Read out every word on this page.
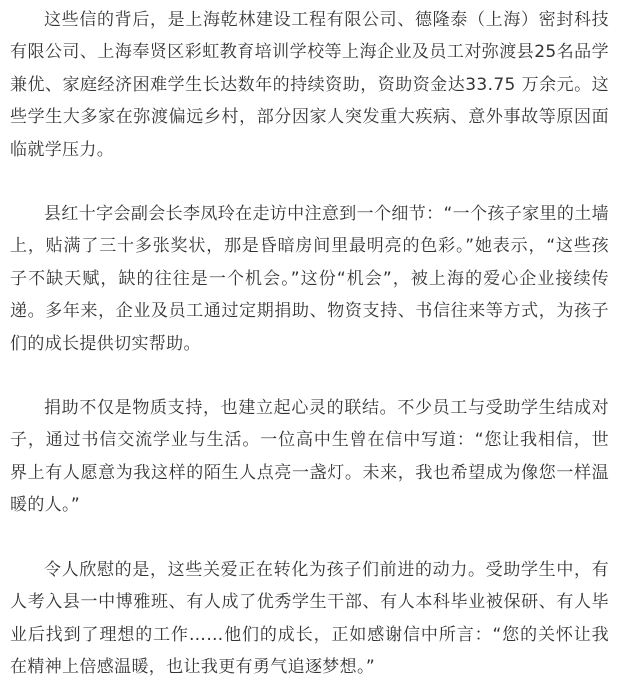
这些信的背后，是上海乾林建设工程有限公司、德隆泰（上海）密封科技有限公司、上海奉贤区彩虹教育培训学校等上海企业及员工对弥渡县25名品学兼优、家庭经济困难学生长达数年的持续资助，资助资金达33.75 万余元。这些学生大多家在弥渡偏远乡村，部分因家人突发重大疾病、意外事故等原因面临就学压力。

县红十字会副会长李凤玲在走访中注意到一个细节：“一个孩子家里的土墙上，贴满了三十多张奖状，那是昏暗房间里最明亮的色彩。”她表示，“这些孩子不缺天赋，缺的往往是一个机会。”这份“机会”，被上海的爱心企业接续传递。多年来，企业及员工通过定期捐助、物资支持、书信往来等方式，为孩子们的成长提供切实帮助。

捐助不仅是物质支持，也建立起心灵的联结。不少员工与受助学生结成对子，通过书信交流学业与生活。一位高中生曾在信中写道：“您让我相信，世界上有人愿意为我这样的陌生人点亮一盏灯。未来，我也希望成为像您一样温暖的人。”

令人欣慰的是，这些关爱正在转化为孩子们前进的动力。受助学生中，有人考入县一中博雅班、有人成了优秀学生干部、有人本科毕业被保研、有人毕业后找到了理想的工作……他们的成长，正如感谢信中所言：“您的关怀让我在精神上倍感温暖，也让我更有勇气追逐梦想。”
